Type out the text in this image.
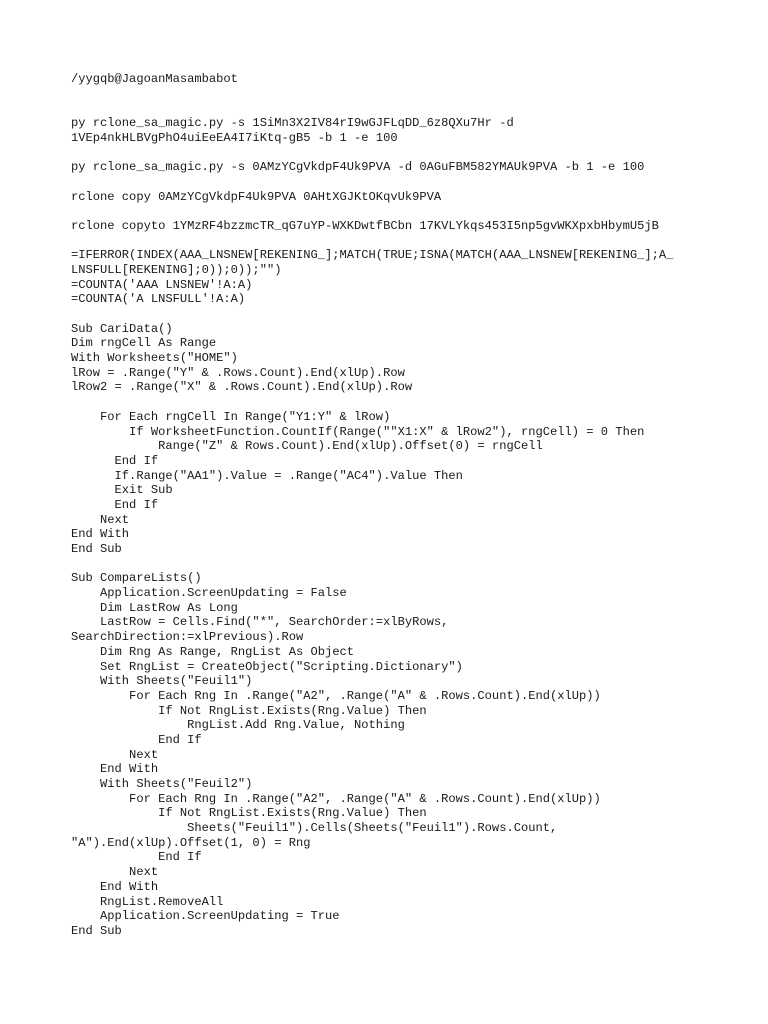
/yygqb@JagoanMasambabot
py rclone_sa_magic.py -s 1SiMn3X2IV84rI9wGJFLqDD_6z8QXu7Hr -d
1VEp4nkHLBVgPhO4uiEeEA4I7iKtq-gB5 -b 1 -e 100
py rclone_sa_magic.py -s 0AMzYCgVkdpF4Uk9PVA -d 0AGuFBM582YMAUk9PVA -b 1 -e 100
rclone copy 0AMzYCgVkdpF4Uk9PVA 0AHtXGJKtOKqvUk9PVA
rclone copyto 1YMzRF4bzzmcTR_qG7uYP-WXKDwtfBCbn 17KVLYkqs453I5np5gvWKXpxbHbymU5jB
=IFERROR(INDEX(AAA_LNSNEW[REKENING_];MATCH(TRUE;ISNA(MATCH(AAA_LNSNEW[REKENING_];A_
LNSFULL[REKENING];0));0));"")
=COUNTA('AAA LNSNEW'!A:A)
=COUNTA('A LNSFULL'!A:A)
Sub CariData()
Dim rngCell As Range
With Worksheets("HOME")
lRow = .Range("Y" & .Rows.Count).End(xlUp).Row
lRow2 = .Range("X" & .Rows.Count).End(xlUp).Row
For Each rngCell In Range("Y1:Y" & lRow)
If WorksheetFunction.CountIf(Range(""X1:X" & lRow2"), rngCell) = 0 Then
Range("Z" & Rows.Count).End(xlUp).Offset(0) = rngCell
End If
If.Range("AA1").Value = .Range("AC4").Value Then
Exit Sub
End If
Next
End With
End Sub
Sub CompareLists()
Application.ScreenUpdating = False
Dim LastRow As Long
LastRow = Cells.Find("*", SearchOrder:=xlByRows,
SearchDirection:=xlPrevious).Row
Dim Rng As Range, RngList As Object
Set RngList = CreateObject("Scripting.Dictionary")
With Sheets("Feuil1")
For Each Rng In .Range("A2", .Range("A" & .Rows.Count).End(xlUp))
If Not RngList.Exists(Rng.Value) Then
RngList.Add Rng.Value, Nothing
End If
Next
End With
With Sheets("Feuil2")
For Each Rng In .Range("A2", .Range("A" & .Rows.Count).End(xlUp))
If Not RngList.Exists(Rng.Value) Then
Sheets("Feuil1").Cells(Sheets("Feuil1").Rows.Count,
"A").End(xlUp).Offset(1, 0) = Rng
End If
Next
End With
RngList.RemoveAll
Application.ScreenUpdating = True
End Sub
